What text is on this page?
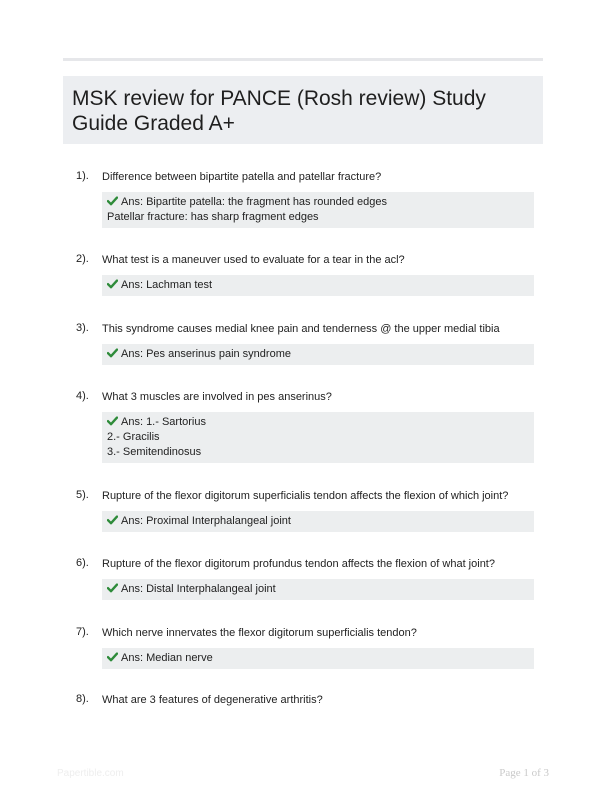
MSK review for PANCE (Rosh review) Study Guide Graded A+
1). Difference between bipartite patella and patellar fracture?
Ans: Bipartite patella: the fragment has rounded edges
Patellar fracture: has sharp fragment edges
2). What test is a maneuver used to evaluate for a tear in the acl?
Ans: Lachman test
3). This syndrome causes medial knee pain and tenderness @ the upper medial tibia
Ans: Pes anserinus pain syndrome
4). What 3 muscles are involved in pes anserinus?
Ans: 1.- Sartorius
2.- Gracilis
3.- Semitendinosus
5). Rupture of the flexor digitorum superficialis tendon affects the flexion of which joint?
Ans: Proximal Interphalangeal joint
6). Rupture of the flexor digitorum profundus tendon affects the flexion of what joint?
Ans: Distal Interphalangeal joint
7). Which nerve innervates the flexor digitorum superficialis tendon?
Ans: Median nerve
8). What are 3 features of degenerative arthritis?
Papertible.com	Page 1 of 3
